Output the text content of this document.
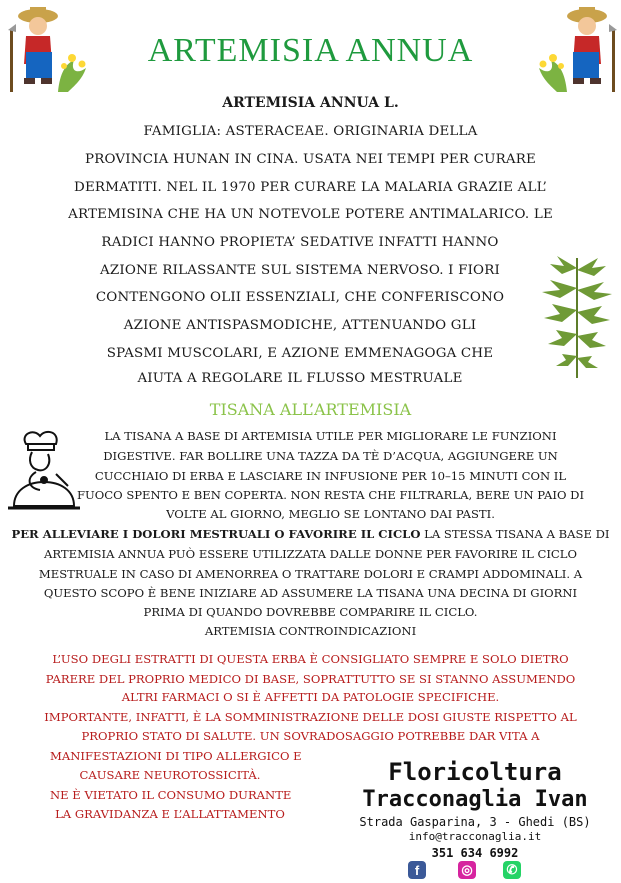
ARTEMISIA ANNUA
ARTEMISIA ANNUA L.
FAMIGLIA: ASTERACEAE. ORIGINARIA DELLA
PROVINCIA HUNAN IN CINA. USATA NEI TEMPI PER CURARE
DERMATITI. NEL IL 1970 PER CURARE LA MALARIA GRAZIE ALL’
ARTEMISINA CHE HA UN NOTEVOLE POTERE ANTIMALARICO. LE
RADICI HANNO PROPIETA’ SEDATIVE INFATTI HANNO
AZIONE RILASSANTE SUL SISTEMA NERVOSO. I FIORI
CONTENGONO OLII ESSENZIALI, CHE CONFERISCONO
AZIONE ANTISPASMODICHE, ATTENUANDO GLI
SPASMI MUSCOLARI, E AZIONE EMMENAGOGA CHE
AIUTA A REGOLARE IL FLUSSO MESTRUALE
TISANA ALL’ARTEMISIA
LA TISANA A BASE DI ARTEMISIA UTILE PER MIGLIORARE LE FUNZIONI
DIGESTIVE. FAR BOLLIRE UNA TAZZA DA TÈ D’ACQUA, AGGIUNGERE UN
CUCCHIAIO DI ERBA E LASCIARE IN INFUSIONE PER 10–15 MINUTI CON IL
FUOCO SPENTO E BEN COPERTA. NON RESTA CHE FILTRARLA, BERE UN PAIO DI
VOLTE AL GIORNO, MEGLIO SE LONTANO DAI PASTI.
PER ALLEVIARE I DOLORI MESTRUALI O FAVORIRE IL CICLO LA STESSA TISANA A BASE DI
ARTEMISIA ANNUA PUÒ ESSERE UTILIZZATA DALLE DONNE PER FAVORIRE IL CICLO
MESTRUALE IN CASO DI AMENORREA O TRATTARE DOLORI E CRAMPI ADDOMINALI. A
QUESTO SCOPO È BENE INIZIARE AD ASSUMERE LA TISANA UNA DECINA DI GIORNI
PRIMA DI QUANDO DOVREBBE COMPARIRE IL CICLO.
ARTEMISIA CONTROINDICAZIONI
L’USO DEGLI ESTRATTI DI QUESTA ERBA È CONSIGLIATO SEMPRE E SOLO DIETRO
PARERE DEL PROPRIO MEDICO DI BASE, SOPRATTUTTO SE SI STANNO ASSUMENDO
ALTRI FARMACI O SI È AFFETTI DA PATOLOGIE SPECIFICHE.
IMPORTANTE, INFATTI, È LA SOMMINISTRAZIONE DELLE DOSI GIUSTE RISPETTO AL
PROPRIO STATO DI SALUTE. UN SOVRADOSAGGIO POTREBBE DAR VITA A
MANIFESTAZIONI DI TIPO ALLERGICO E
CAUSARE NEUROTOSSICITÀ.
NE È VIETATO IL CONSUMO DURANTE
LA GRAVIDANZA E L’ALLATTAMENTO
Floricoltura
Tracconaglia Ivan
Strada Gasparina, 3 - Ghedi (BS)
info@tracconaglia.it
351 634 6992
f	◎	✆
